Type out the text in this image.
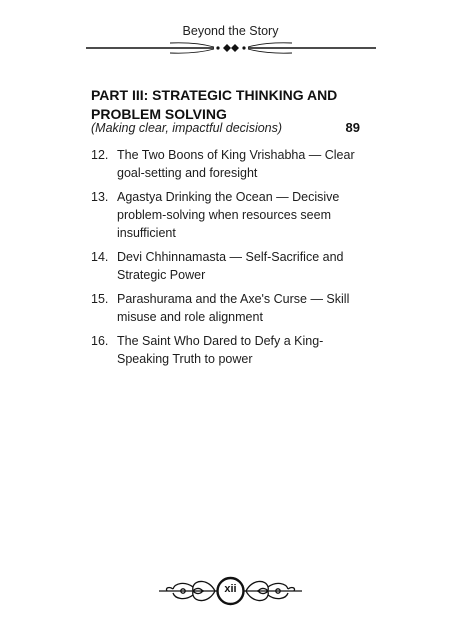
Beyond the Story
PART III: STRATEGIC THINKING AND PROBLEM SOLVING
(Making clear, impactful decisions)	89
12. The Two Boons of King Vrishabha — Clear goal-setting and foresight
13. Agastya Drinking the Ocean — Decisive problem-solving when resources seem insufficient
14. Devi Chhinnamasta — Self-Sacrifice and Strategic Power
15. Parashurama and the Axe's Curse — Skill misuse and role alignment
16. The Saint Who Dared to Defy a King-Speaking Truth to power
xii
